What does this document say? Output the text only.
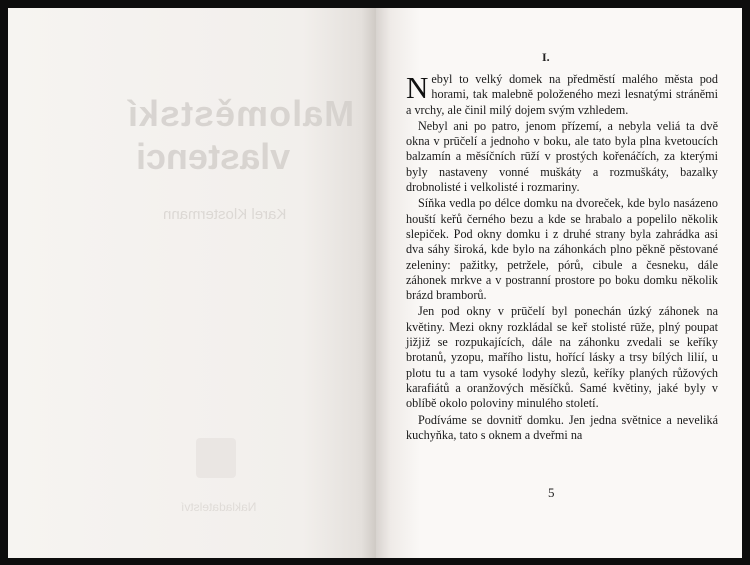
Maloměstskí
vlastenci
Karel Klostermann
Nakladatelství
I.

Nebyl to velký domek na předměstí malého města pod horami, tak malebně položeného mezi lesnatými stráněmi a vrchy, ale činil milý dojem svým vzhledem.

Nebyl ani po patro, jenom přízemí, a nebyla veliá ta dvě okna v prūčelí a jednoho v boku, ale tato byla plna kvetoucích balzamín a měsíčních rūží v prostých kořenáčích, za kterými byly nastaveny vonné muškáty a rozmuškáty, bazalky drobnolisté i velkolisté i rozmariny.

Síňka vedla po délce domku na dvoreček, kde bylo nasázeno houští keřů černého bezu a kde se hrabalo a popelilo několik slepiček. Pod okny domku i z druhé strany byla zahrádka asi dva sáhy široká, kde bylo na záhonkách plno pěkně pěstované zeleniny: pažitky, petržele, pórů, cibule a česneku, dále záhonek mrkve a v postranní prostore po boku domku několik brázd bramborů.

Jen pod okny v prūčelí byl ponechán úzký záhonek na květiny. Mezi okny rozkládal se keř stolisté rūže, plný poupat jižjiž se rozpukajících, dále na záhonku zvedali se keříky brotanů, yzopu, mařího listu, hořící lásky a trsy bílých lilií, u plotu tu a tam vysoké lodyhy slezů, keříky planých růžových karafiátů a oranžových měsíčků. Samé květiny, jaké byly v oblíbě okolo poloviny minulého století.

Podíváme se dovnitř domku. Jen jedna světnice a neveliká kuchyňka, tato s oknem a dveřmi na

5
